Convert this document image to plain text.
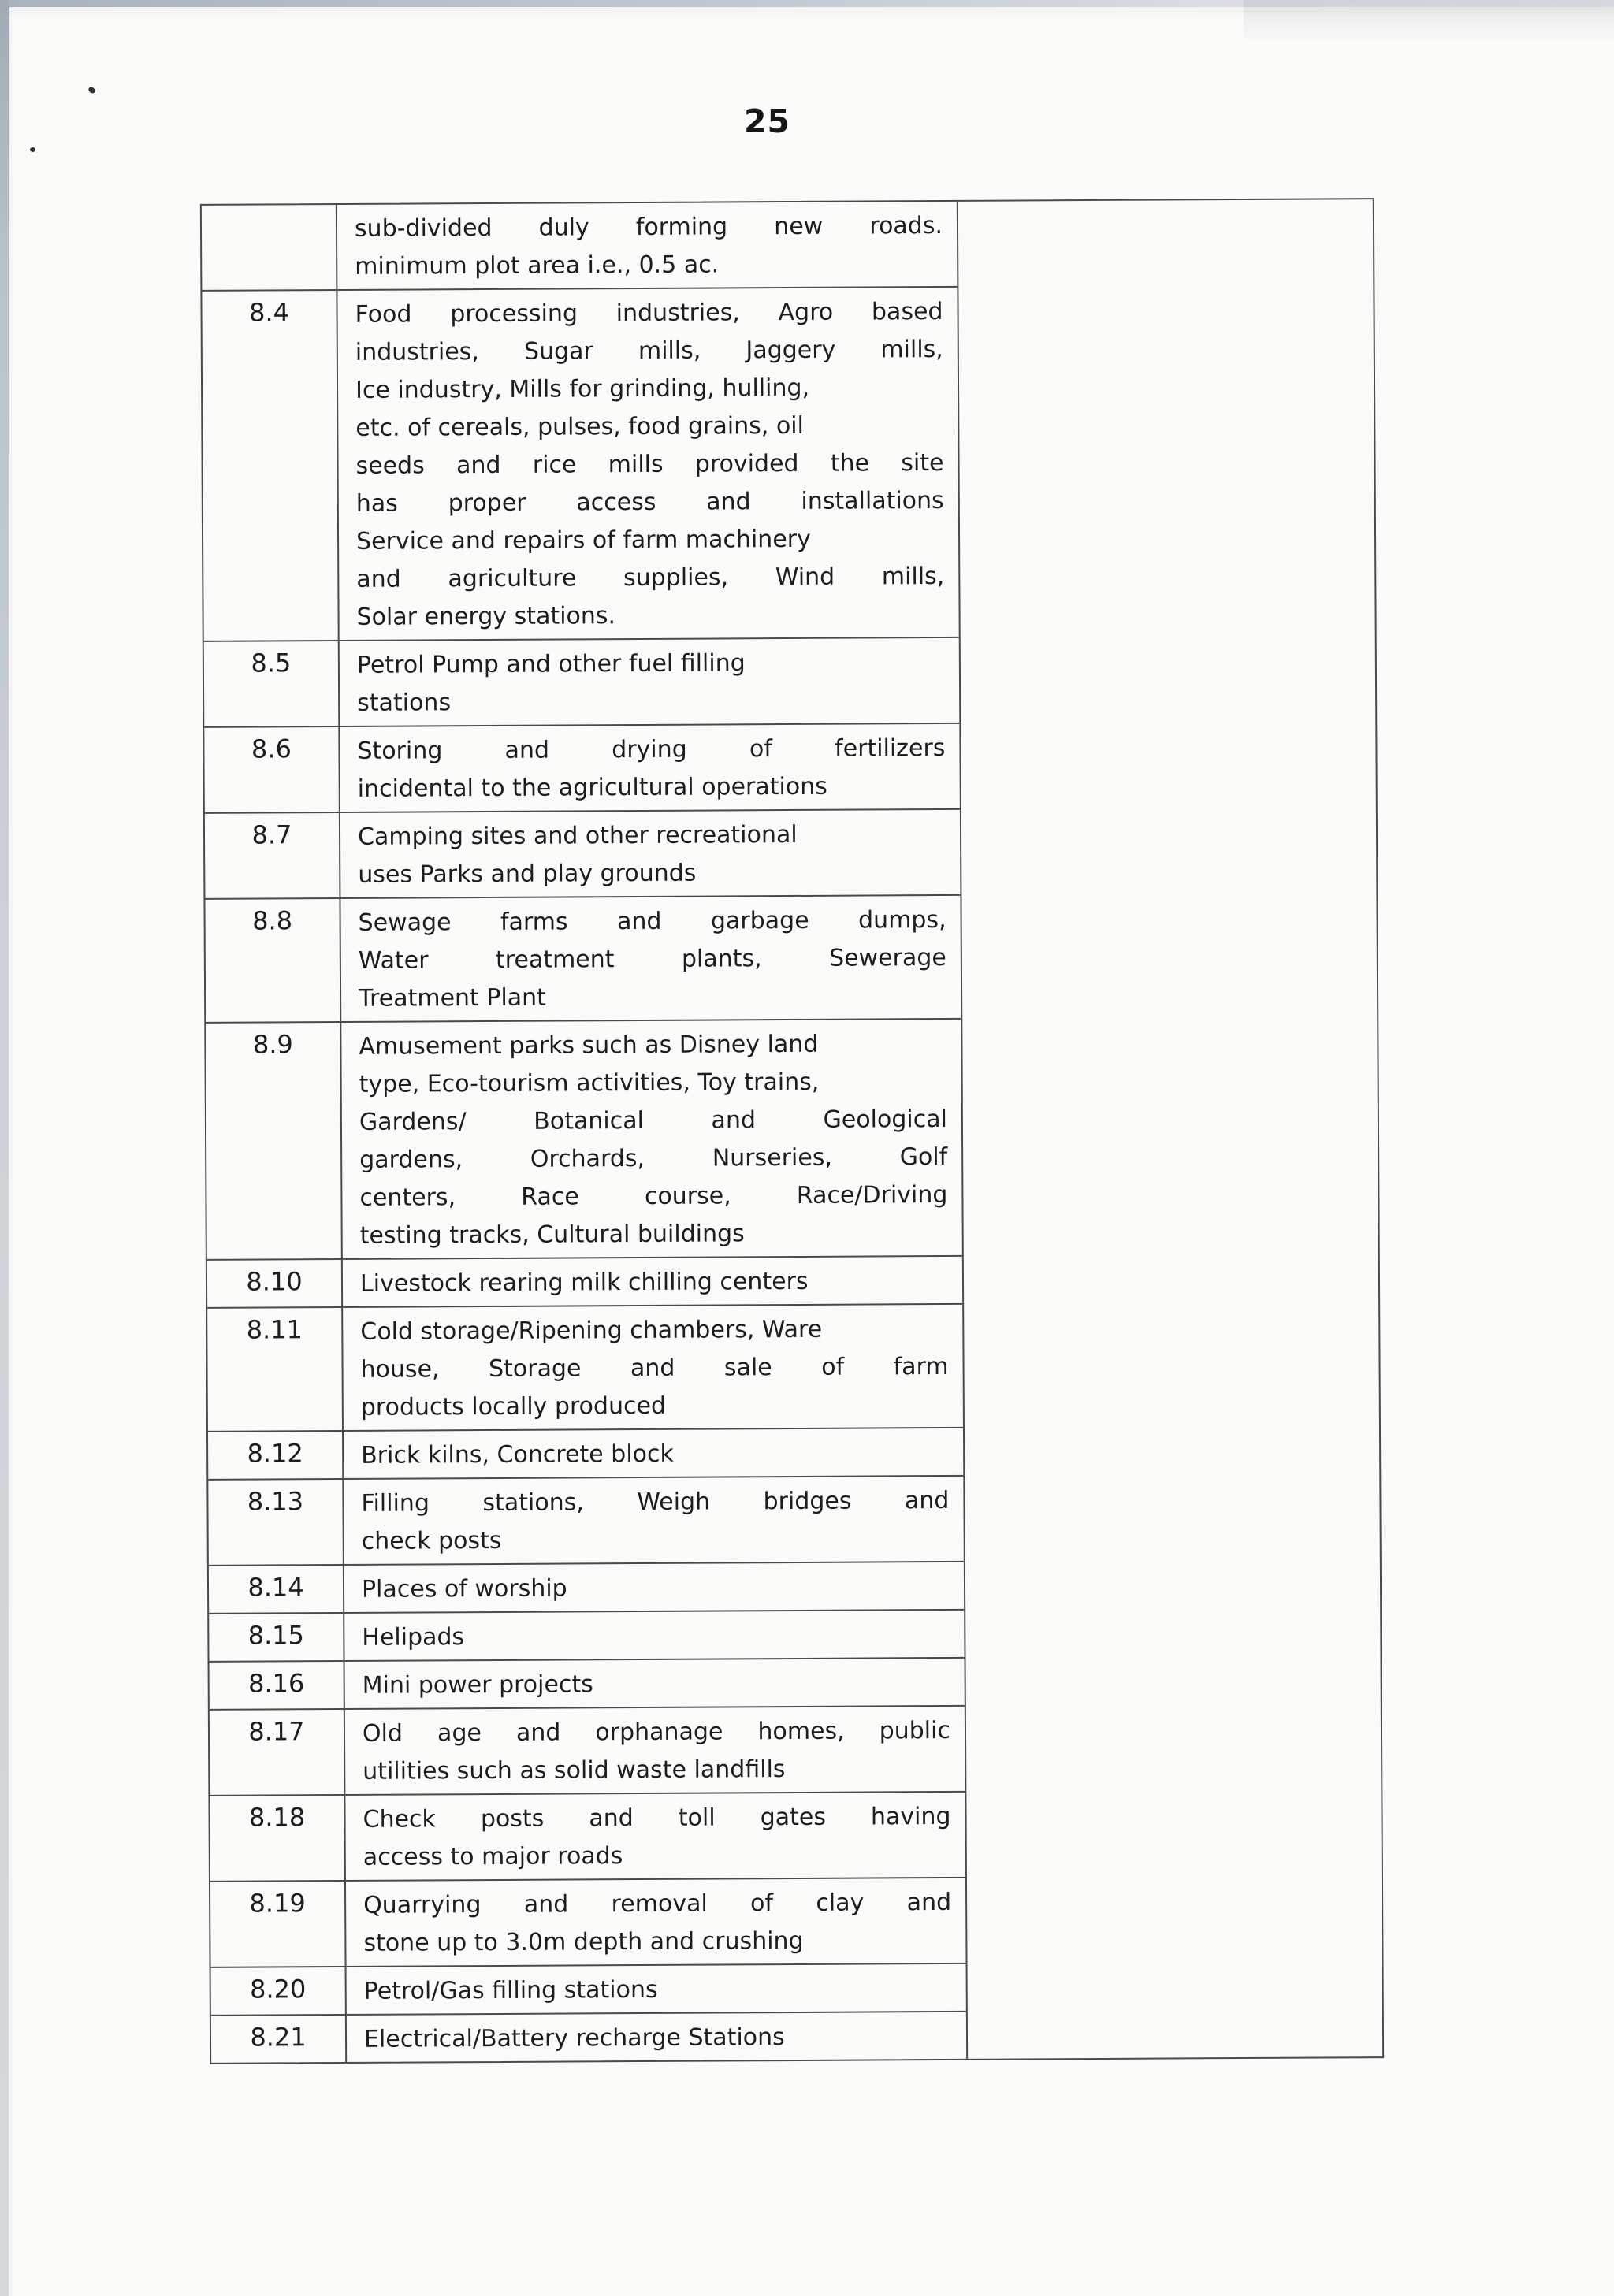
25
sub-divided duly forming new roads.
minimum plot area i.e., 0.5 ac.
8.4	Food processing industries, Agro based
industries, Sugar mills, Jaggery mills,
Ice industry, Mills for grinding, hulling,
etc. of cereals, pulses, food grains, oil
seeds and rice mills provided the site
has proper access and installations
Service and repairs of farm machinery
and agriculture supplies, Wind mills,
Solar energy stations.
8.5	Petrol Pump and other fuel filling
stations
8.6	Storing	and	drying	of	fertilizers
incidental to the agricultural operations
8.7	Camping sites and other recreational
uses Parks and play grounds
8.8	Sewage farms and garbage dumps,
Water	treatment	plants,	Sewerage
Treatment Plant
8.9	Amusement parks such as Disney land
type, Eco-tourism activities, Toy trains,
Gardens/	Botanical	and	Geological
gardens,	Orchards,	Nurseries,	Golf
centers,	Race	course,	Race/Driving
testing tracks, Cultural buildings
8.10	Livestock rearing milk chilling centers
8.11	Cold storage/Ripening chambers, Ware
house, Storage and sale of farm
products locally produced
8.12	Brick kilns, Concrete block
8.13	Filling stations, Weigh bridges and
check posts
8.14	Places of worship
8.15	Helipads
8.16	Mini power projects
8.17	Old age and orphanage homes, public
utilities such as solid waste landfills
8.18	Check posts and toll gates having
access to major roads
8.19	Quarrying and removal of clay and
stone up to 3.0m depth and crushing
8.20	Petrol/Gas filling stations
8.21	Electrical/Battery recharge Stations
